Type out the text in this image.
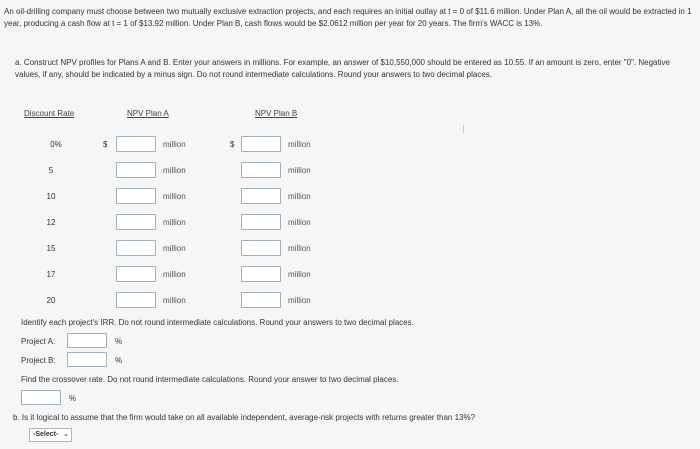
An oil-drilling company must choose between two mutually exclusive extraction projects, and each requires an initial outlay at t = 0 of $11.6 million. Under Plan A, all the oil would be extracted in 1 year, producing a cash flow at t = 1 of $13.92 million. Under Plan B, cash flows would be $2.0612 million per year for 20 years. The firm's WACC is 13%.
a. Construct NPV profiles for Plans A and B. Enter your answers in millions. For example, an answer of $10,550,000 should be entered as 10.55. If an amount is zero, enter "0". Negative values, if any, should be indicated by a minus sign. Do not round intermediate calculations. Round your answers to two decimal places.
Discount Rate	NPV Plan A	NPV Plan B
0%	$	million	$	million
5	million	million
10	million	million
12	million	million
15	million	million
17	million	million
20	million	million
Identify each project's IRR. Do not round intermediate calculations. Round your answers to two decimal places.
Project A:	%
Project B:	%
Find the crossover rate. Do not round intermediate calculations. Round your answer to two decimal places.
%
b. Is it logical to assume that the firm would take on all available independent, average-risk projects with returns greater than 13%?
-Select- ⌄
